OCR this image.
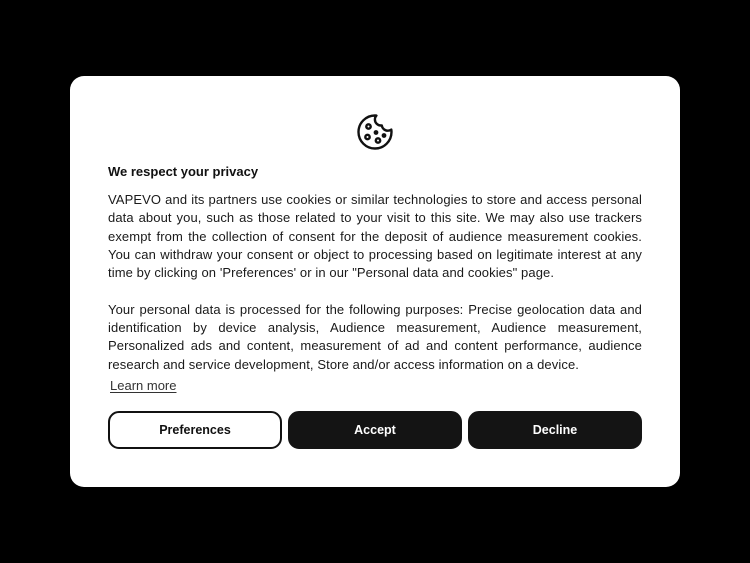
We respect your privacy

VAPEVO and its partners use cookies or similar technologies to store and access personal data about you, such as those related to your visit to this site. We may also use trackers exempt from the collection of consent for the deposit of audience measurement cookies. You can withdraw your consent or object to processing based on legitimate interest at any time by clicking on 'Preferences' or in our "Personal data and cookies" page.

Your personal data is processed for the following purposes: Precise geolocation data and identification by device analysis, Audience measurement, Audience measurement, Personalized ads and content, measurement of ad and content performance, audience research and service development, Store and/or access information on a device.

Learn more
Preferences	Accept	Decline
